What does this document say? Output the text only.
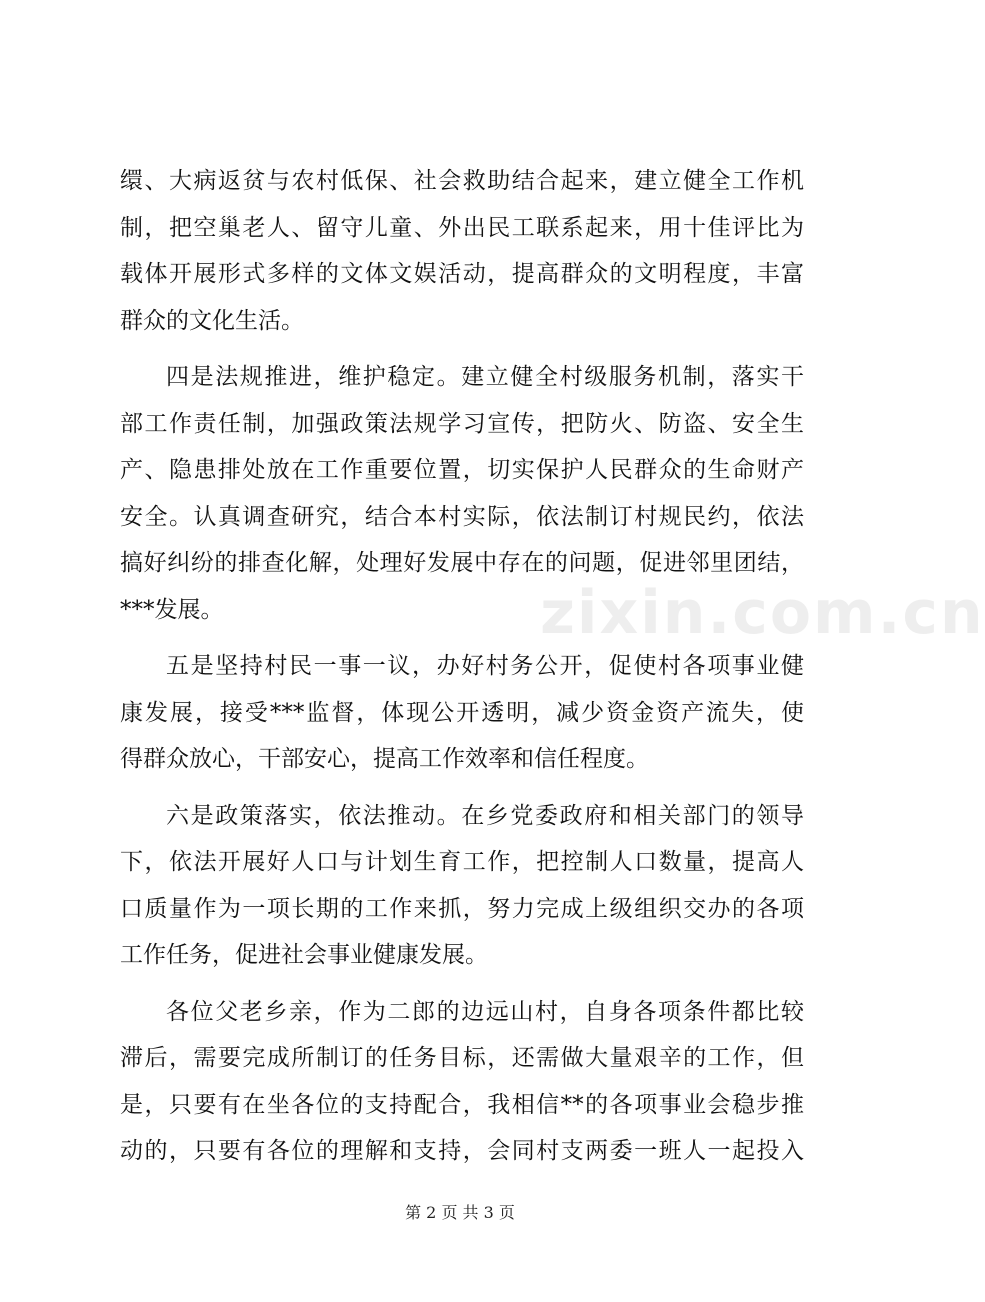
缳、大病返贫与农村低保、社会救助结合起来，建立健全工作机
制，把空巢老人、留守儿童、外出民工联系起来，用十佳评比为
载体开展形式多样的文体文娱活动，提高群众的文明程度，丰富
群众的文化生活。
四是法规推进，维护稳定。建立健全村级服务机制，落实干
部工作责任制，加强政策法规学习宣传，把防火、防盗、安全生
产、隐患排处放在工作重要位置，切实保护人民群众的生命财产
安全。认真调查研究，结合本村实际，依法制订村规民约，依法
搞好纠纷的排查化解，处理好发展中存在的问题，促进邻里团结，
***发展。
五是坚持村民一事一议，办好村务公开，促使村各项事业健
康发展，接受***监督，体现公开透明，减少资金资产流失，使
得群众放心，干部安心，提高工作效率和信任程度。
六是政策落实，依法推动。在乡党委政府和相关部门的领导
下，依法开展好人口与计划生育工作，把控制人口数量，提高人
口质量作为一项长期的工作来抓，努力完成上级组织交办的各项
工作任务，促进社会事业健康发展。
各位父老乡亲，作为二郎的边远山村，自身各项条件都比较
滞后，需要完成所制订的任务目标，还需做大量艰辛的工作，但
是，只要有在坐各位的支持配合，我相信**的各项事业会稳步推
动的，只要有各位的理解和支持，会同村支两委一班人一起投入
zixin.com.cn
第 2 页 共 3 页
